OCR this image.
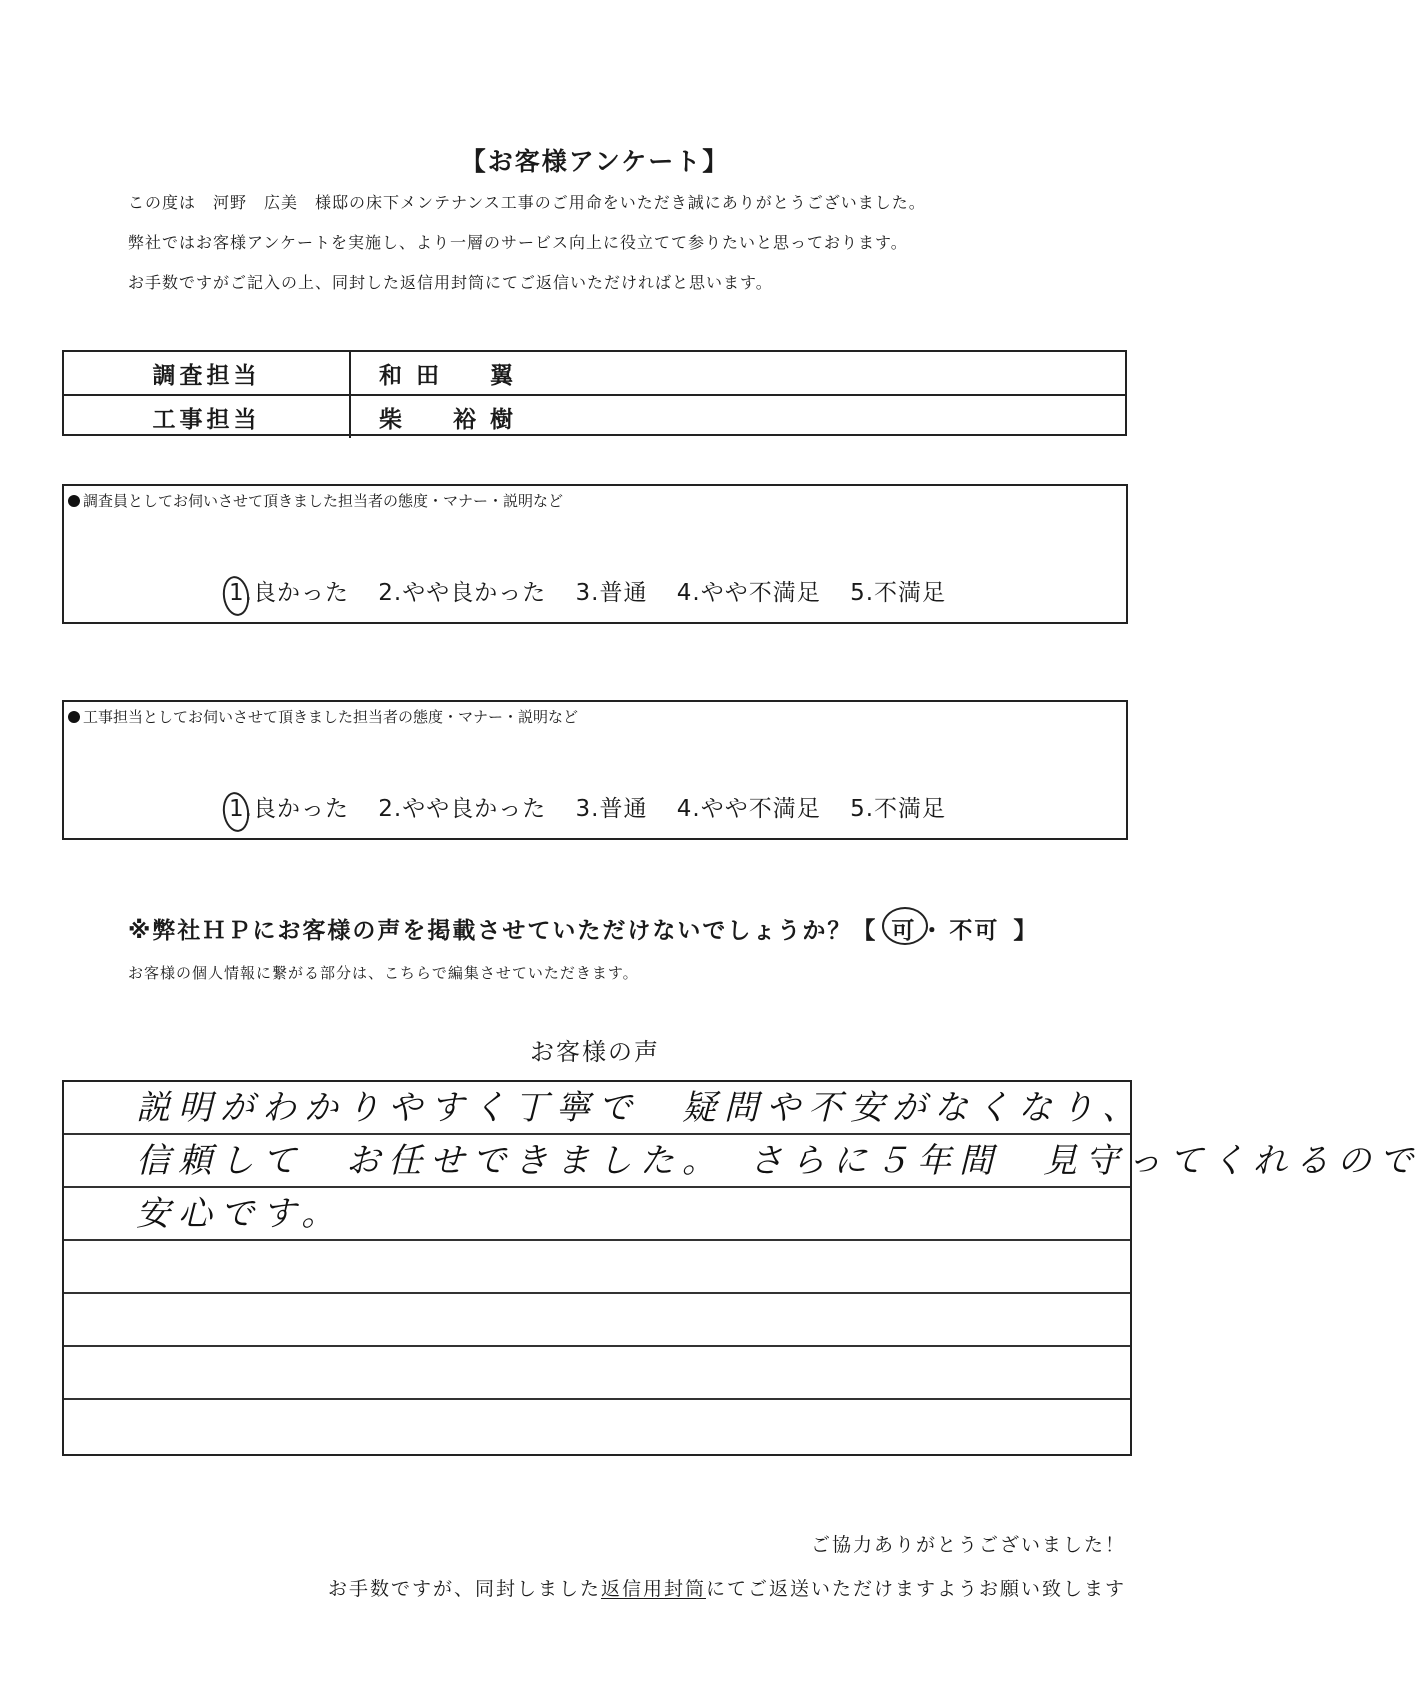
【お客様アンケート】
この度は　河野　広美　様邸の床下メンテナンス工事のご用命をいただき誠にありがとうございました。
弊社ではお客様アンケートを実施し、より一層のサービス向上に役立てて参りたいと思っております。
お手数ですがご記入の上、同封した返信用封筒にてご返信いただければと思います。
調査担当	和田　翼
工事担当	柴　裕樹
調査員としてお伺いさせて頂きました担当者の態度・マナー・説明など
1.良かった 2.やや良かった 3.普通 4.やや不満足 5.不満足
工事担当としてお伺いさせて頂きました担当者の態度・マナー・説明など
1.良かった 2.やや良かった 3.普通 4.やや不満足 5.不満足
※弊社ＨＰにお客様の声を掲載させていただけないでしょうか？【 可 ・ 不可 】
お客様の個人情報に繋がる部分は、こちらで編集させていただきます。
お客様の声
説明がわかりやすく丁寧で　疑問や不安がなくなり、
信頼して　お任せできました。　さらに５年間　見守ってくれるので
安心です。
ご協力ありがとうございました！
お手数ですが、同封しました返信用封筒にてご返送いただけますようお願い致します
